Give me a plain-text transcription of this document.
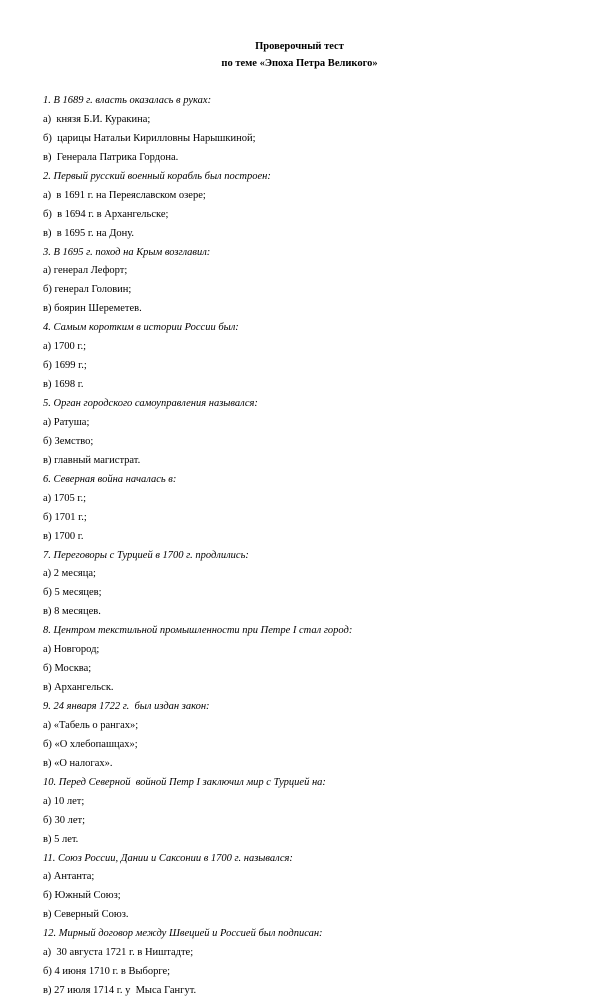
Проверочный тест
по теме «Эпоха Петра Великого»
1. В 1689 г. власть оказалась в руках:
а)  князя Б.И. Куракина;
б)  царицы Натальи Кирилловны Нарышкиной;
в)  Генерала Патрика Гордона.
2. Первый русский военный корабль был построен:
а)  в 1691 г. на Переяславском озере;
б)  в 1694 г. в Архангельске;
в)  в 1695 г. на Дону.
3. В 1695 г. поход на Крым возглавил:
а) генерал Лефорт;
б) генерал Головин;
в) боярин Шереметев.
4. Самым коротким в истории России был:
а) 1700 г.;
б) 1699 г.;
в) 1698 г.
5. Орган городского самоуправления назывался:
а) Ратуша;
б) Земство;
в) главный магистрат.
6. Северная война началась в:
а) 1705 г.;
б) 1701 г.;
в) 1700 г.
7. Переговоры с Турцией в 1700 г. продлились:
а) 2 месяца;
б) 5 месяцев;
в) 8 месяцев.
8. Центром текстильной промышленности при Петре I стал город:
а) Новгород;
б) Москва;
в) Архангельск.
9. 24 января 1722 г.  был издан закон:
а) «Табель о рангах»;
б) «О хлебопашцах»;
в) «О налогах».
10. Перед Северной  войной Петр I заключил мир с Турцией на:
а) 10 лет;
б) 30 лет;
в) 5 лет.
11. Союз России, Дании и Саксонии в 1700 г. назывался:
а) Антанта;
б) Южный Союз;
в) Северный Союз.
12. Мирный договор между Швецией и Россией был подписан:
а)  30 августа 1721 г. в Ништадте;
б) 4 июня 1710 г. в Выборге;
в) 27 июля 1714 г. у  Мыса Гангут.
